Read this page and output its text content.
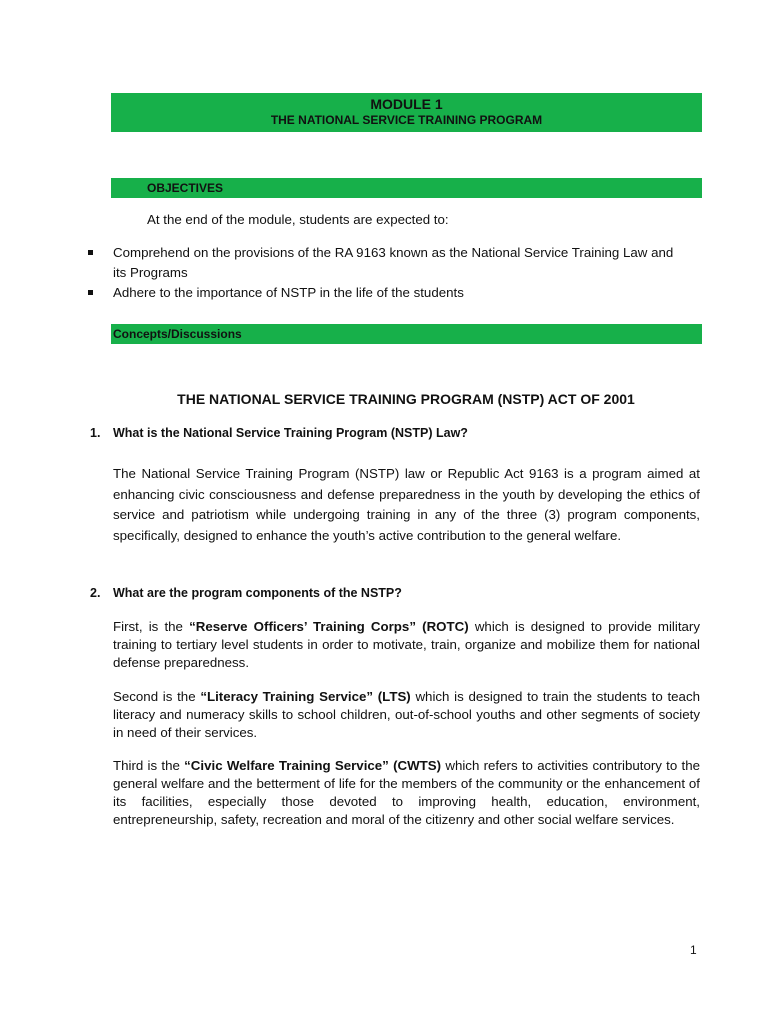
MODULE 1
THE NATIONAL SERVICE TRAINING PROGRAM
OBJECTIVES
At the end of the module, students are expected to:
Comprehend on the provisions of the RA 9163 known as the National Service Training Law and its Programs
Adhere to the importance of NSTP in the life of the students
Concepts/Discussions
THE NATIONAL SERVICE TRAINING PROGRAM (NSTP) ACT OF 2001
1. What is the National Service Training Program (NSTP) Law?
The National Service Training Program (NSTP) law or Republic Act 9163 is a program aimed at enhancing civic consciousness and defense preparedness in the youth by developing the ethics of service and patriotism while undergoing training in any of the three (3) program components, specifically, designed to enhance the youth’s active contribution to the general welfare.
2. What are the program components of the NSTP?
First, is the “Reserve Officers’ Training Corps” (ROTC) which is designed to provide military training to tertiary level students in order to motivate, train, organize and mobilize them for national defense preparedness.
Second is the “Literacy Training Service” (LTS) which is designed to train the students to teach literacy and numeracy skills to school children, out-of-school youths and other segments of society in need of their services.
Third is the “Civic Welfare Training Service” (CWTS) which refers to activities contributory to the general welfare and the betterment of life for the members of the community or the enhancement of its facilities, especially those devoted to improving health, education, environment, entrepreneurship, safety, recreation and moral of the citizenry and other social welfare services.
1
